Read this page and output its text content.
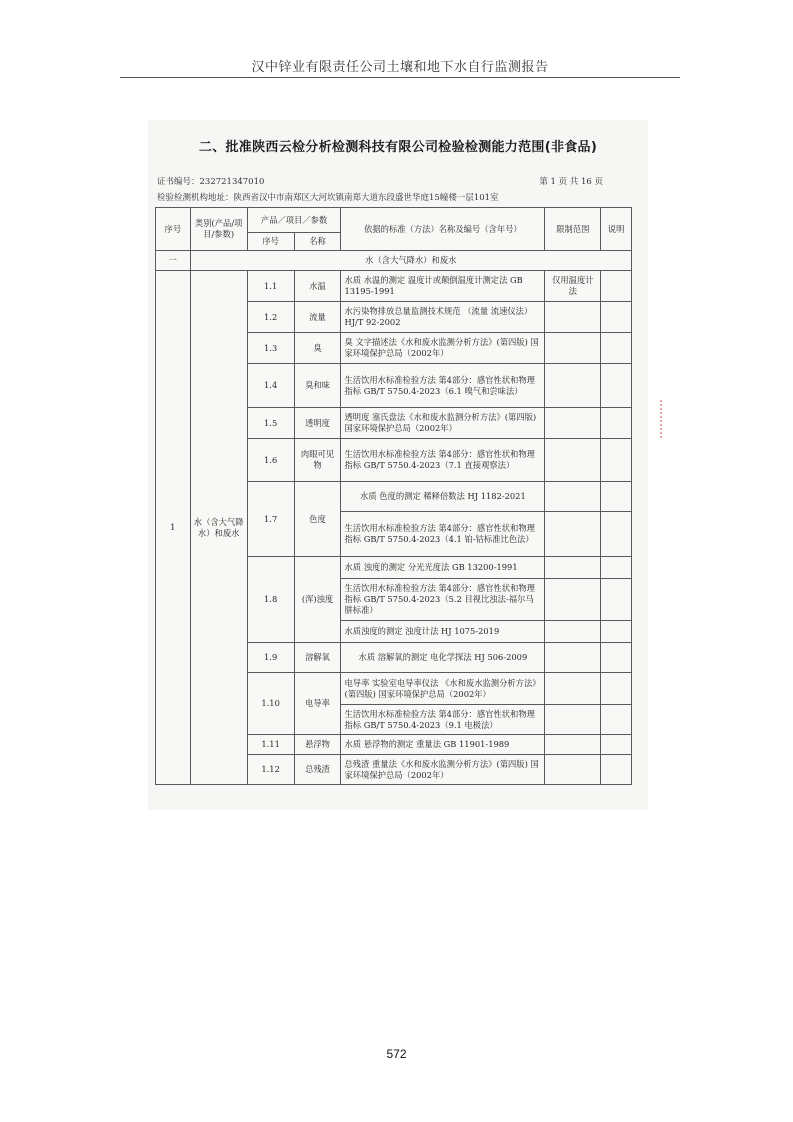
汉中锌业有限责任公司土壤和地下水自行监测报告
二、批准陕西云检分析检测科技有限公司检验检测能力范围(非食品)
证书编号：232721347010	第 1 页 共 16 页
检验检测机构地址：陕西省汉中市南郑区大河坎镇南郑大道东段盛世华庭15幢楼一层101室
序号	类别(产品/项目/参数)	产品／项目／参数		依据的标准（方法）名称及编号（含年号）	限制范围	说明
		序号	名称			
一	水（含大气降水）和废水					
1	水（含大气降水）和废水	1.1	水温	水质 水温的测定 温度计或颠倒温度计测定法 GB 13195-1991	仅用温度计法	
		1.2	流量	水污染物排放总量监测技术规范 （流量 流速仪法）HJ/T 92-2002		
		1.3	臭	臭 文字描述法《水和废水监测分析方法》(第四版) 国家环境保护总局（2002年）		
		1.4	臭和味	生活饮用水标准检验方法 第4部分：感官性状和物理指标 GB/T 5750.4-2023（6.1 嗅气和尝味法）		
		1.5	透明度	透明度 塞氏盘法《水和废水监测分析方法》(第四版) 国家环境保护总局（2002年）		
		1.6	肉眼可见物	生活饮用水标准检验方法 第4部分：感官性状和物理指标 GB/T 5750.4-2023（7.1 直接观察法）		
		1.7	色度	水质 色度的测定 稀释倍数法 HJ 1182-2021		
				生活饮用水标准检验方法 第4部分：感官性状和物理指标 GB/T 5750.4-2023（4.1 铂-钴标准比色法）		
		1.8	(浑)浊度	水质 浊度的测定 分光光度法 GB 13200-1991		
				生活饮用水标准检验方法 第4部分：感官性状和物理指标 GB/T 5750.4-2023（5.2 目视比浊法-福尔马肼标准）		
				水质浊度的测定 浊度计法 HJ 1075-2019		
		1.9	溶解氧	水质 溶解氧的测定 电化学探法 HJ 506-2009		
		1.10	电导率	电导率 实验室电导率仪法 《水和废水监测分析方法》(第四版) 国家环境保护总局（2002年）		
				生活饮用水标准检验方法 第4部分：感官性状和物理指标 GB/T 5750.4-2023（9.1 电极法）		
		1.11	悬浮物	水质 悬浮物的测定 重量法 GB 11901-1989		
		1.12	总残渣	总残渣 重量法《水和废水监测分析方法》(第四版) 国家环境保护总局（2002年）		
572
